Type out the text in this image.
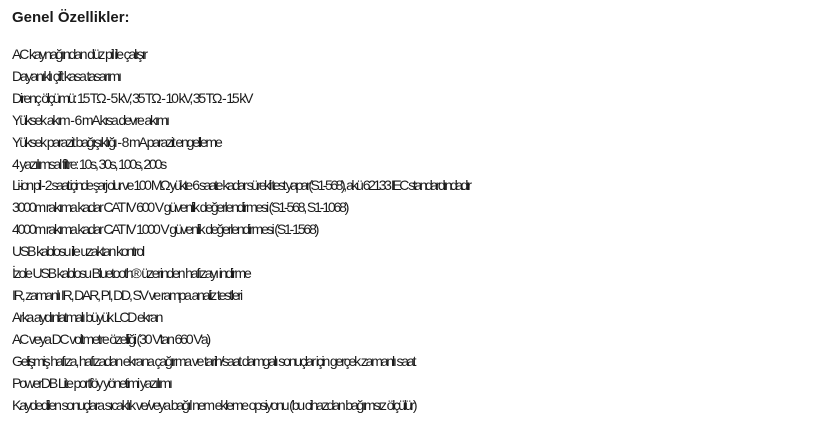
Genel Özellikler:
AC kaynağından düz pil ile çalışır
Dayanıklı çift kasa tasarımı
Direnç ölçümü: 15 TΩ - 5 kV, 35 TΩ - 10 kV, 35 TΩ - 15 kV
Yüksek akım - 6 mA kısa devre akımı
Yüksek parazit bağışıklığı - 8 mA parazit engelleme
4 yazılımsal filtre: 10s, 30s, 100s, 200s
Li-ion pil - 2 saat içinde şarj olur ve 100 MΩ yükte 6 saate kadar sürekli test yapar(S1-568), akü 62133 IEC standardındadır
3000m rakıma kadar CAT IV 600 V güvenlik değerlendirmesi (S1-568, S1-1068)
4000m rakıma kadar CAT IV 1000 V güvenlik değerlendirmesi (S1-1568)
USB kablosu ile uzaktan kontrol
İzole USB kablosu Bluetooth® üzerinden hafızayı indirme
IR, zamanlı IR, DAR, PI, DD, SV ve rampa analiz testleri
Arka aydınlatmalı büyük LCD ekran
AC veya DC voltmetre özelliği (30 V'tan 660 V'a)
Gelişmiş hafıza, hafızadan ekrana çağırma ve tarih/saat damgalı sonuçlar için gerçek zamanlı saat
PowerDB Lite portföy yönetimi yazılımı
Kaydedilen sonuçlara sıcaklık ve/veya bağıl nem ekleme opsiyonu (bu cihazdan bağımsız ölçülür)
